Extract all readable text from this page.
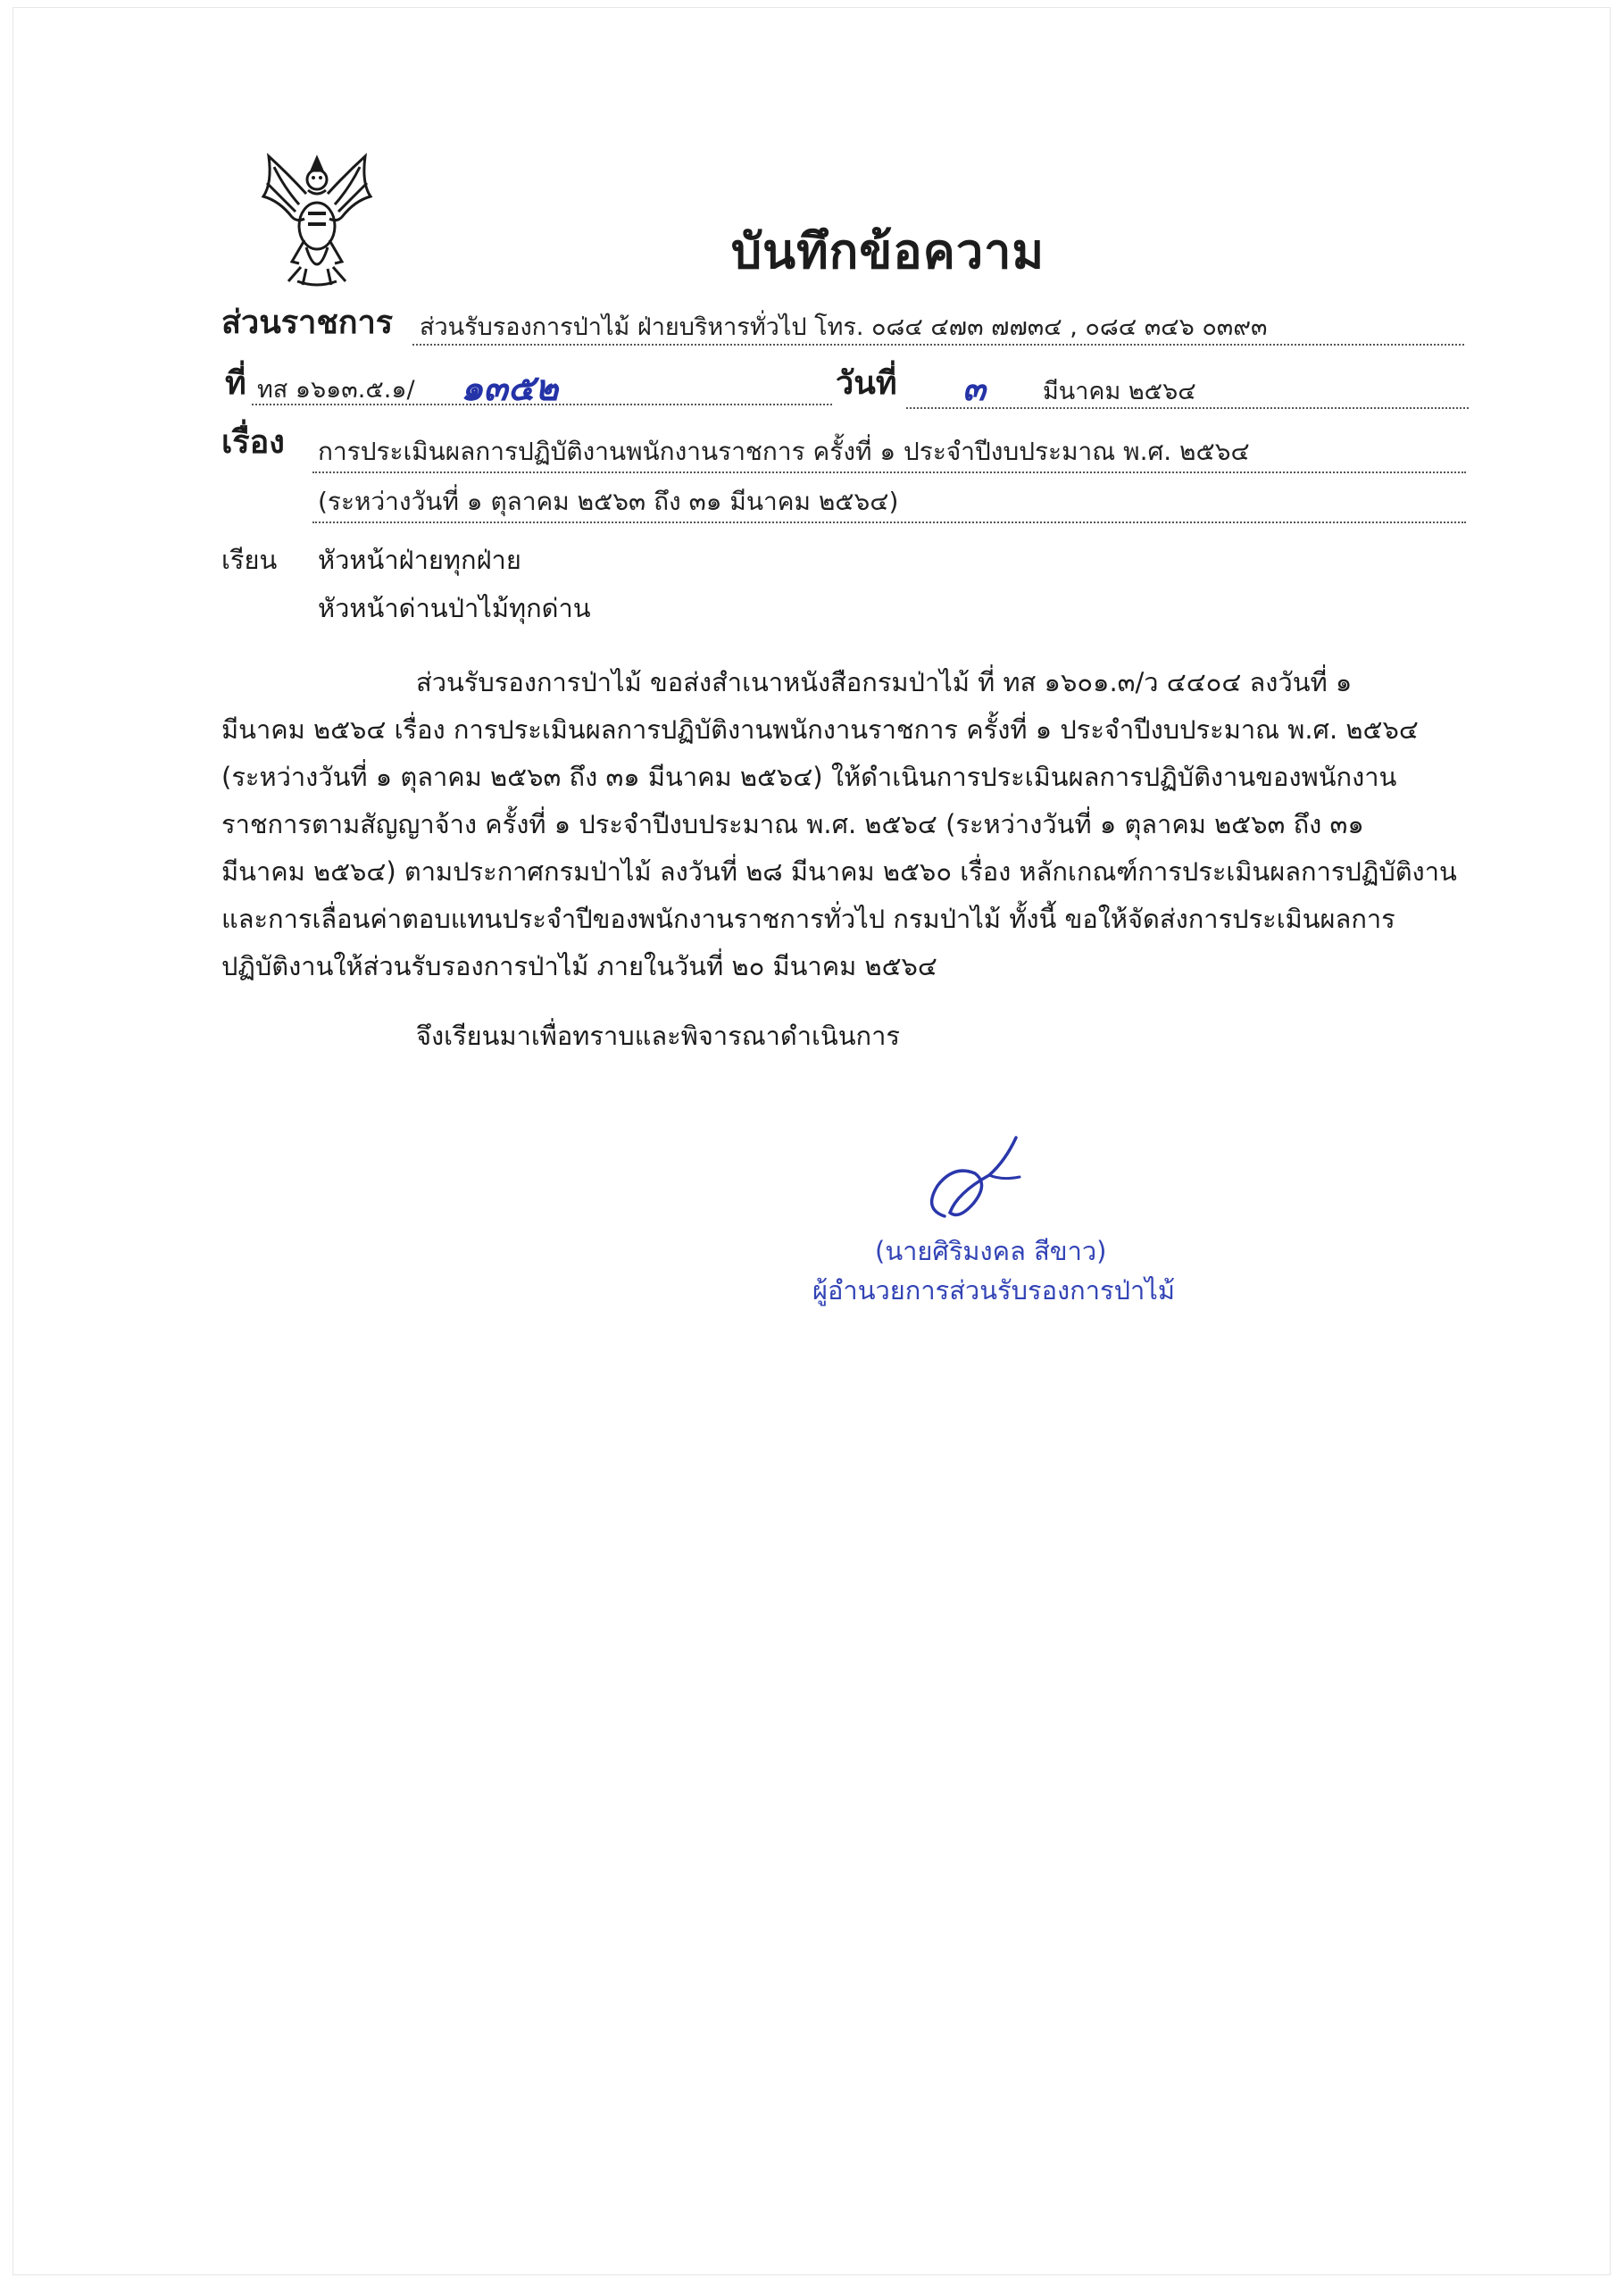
บันทึกข้อความ
ส่วนราชการ ส่วนรับรองการป่าไม้ ฝ่ายบริหารทั่วไป โทร. ๐๘๔ ๔๗๓ ๗๗๓๔ , ๐๘๔ ๓๔๖ ๐๓๙๓
ที่ ทส ๑๖๑๓.๕.๑/ ๑๓๕๒	วันที่ ๓ มีนาคม ๒๕๖๔
เรื่อง การประเมินผลการปฏิบัติงานพนักงานราชการ ครั้งที่ ๑ ประจำปีงบประมาณ พ.ศ. ๒๕๖๔
(ระหว่างวันที่ ๑ ตุลาคม ๒๕๖๓ ถึง ๓๑ มีนาคม ๒๕๖๔)
เรียน หัวหน้าฝ่ายทุกฝ่าย
หัวหน้าด่านป่าไม้ทุกด่าน
ส่วนรับรองการป่าไม้ ขอส่งสำเนาหนังสือกรมป่าไม้ ที่ ทส ๑๖๐๑.๓/ว ๔๔๐๔ ลงวันที่ ๑
มีนาคม ๒๕๖๔ เรื่อง การประเมินผลการปฏิบัติงานพนักงานราชการ ครั้งที่ ๑ ประจำปีงบประมาณ พ.ศ. ๒๕๖๔
(ระหว่างวันที่ ๑ ตุลาคม ๒๕๖๓ ถึง ๓๑ มีนาคม ๒๕๖๔) ให้ดำเนินการประเมินผลการปฏิบัติงานของพนักงาน
ราชการตามสัญญาจ้าง ครั้งที่ ๑ ประจำปีงบประมาณ พ.ศ. ๒๕๖๔ (ระหว่างวันที่ ๑ ตุลาคม ๒๕๖๓ ถึง ๓๑
มีนาคม ๒๕๖๔) ตามประกาศกรมป่าไม้ ลงวันที่ ๒๘ มีนาคม ๒๕๖๐ เรื่อง หลักเกณฑ์การประเมินผลการปฏิบัติงาน
และการเลื่อนค่าตอบแทนประจำปีของพนักงานราชการทั่วไป กรมป่าไม้ ทั้งนี้ ขอให้จัดส่งการประเมินผลการ
ปฏิบัติงานให้ส่วนรับรองการป่าไม้ ภายในวันที่ ๒๐ มีนาคม ๒๕๖๔
จึงเรียนมาเพื่อทราบและพิจารณาดำเนินการ
(นายศิริมงคล สีขาว)
ผู้อำนวยการส่วนรับรองการป่าไม้
